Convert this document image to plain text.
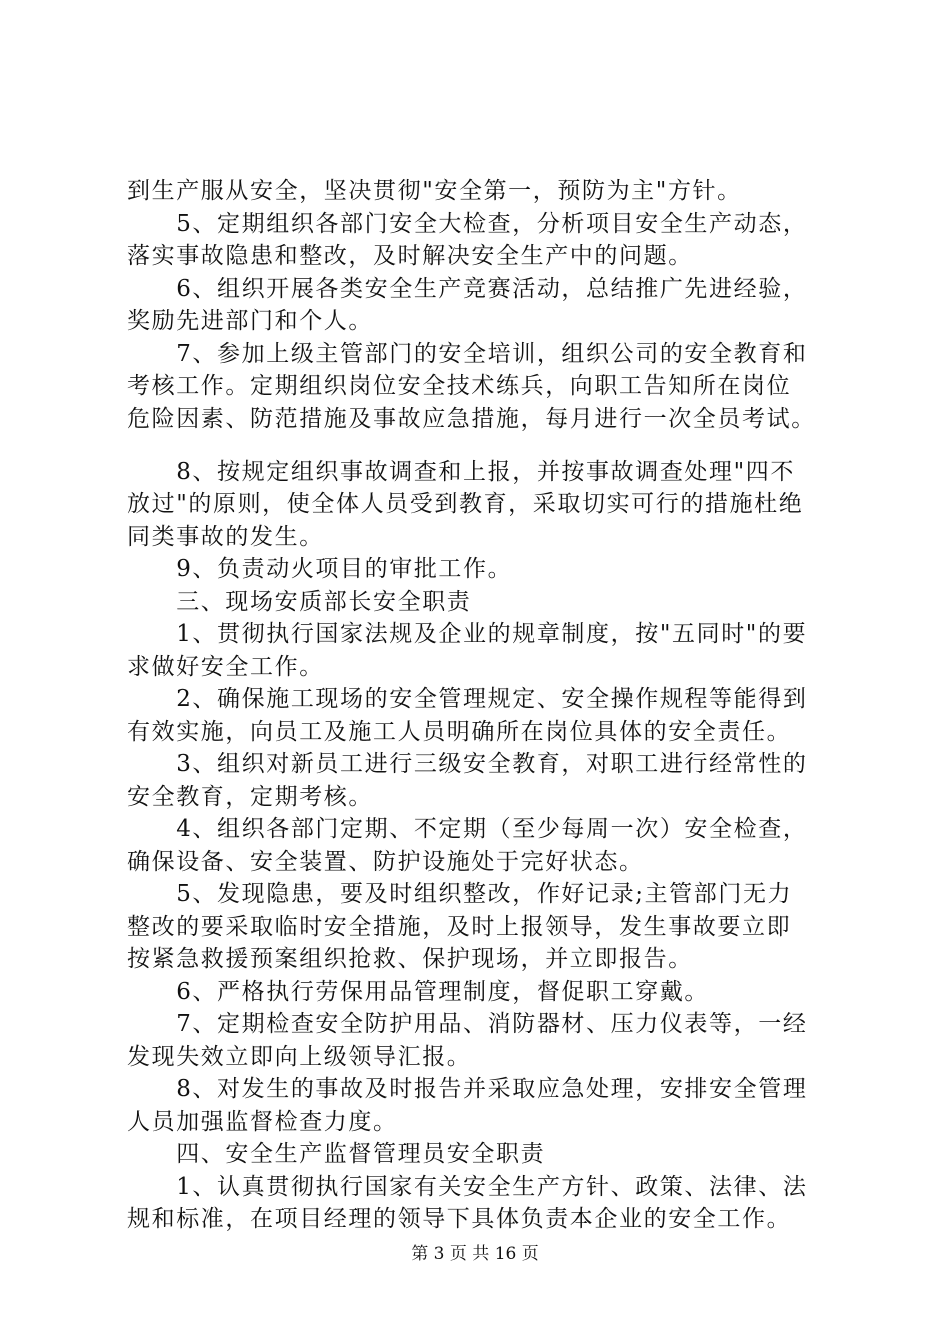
到生产服从安全，坚决贯彻"安全第一，预防为主"方针。
　　5、定期组织各部门安全大检查，分析项目安全生产动态，
落实事故隐患和整改，及时解决安全生产中的问题。
　　6、组织开展各类安全生产竞赛活动，总结推广先进经验，
奖励先进部门和个人。
　　7、参加上级主管部门的安全培训，组织公司的安全教育和
考核工作。定期组织岗位安全技术练兵，向职工告知所在岗位
危险因素、防范措施及事故应急措施，每月进行一次全员考试。
　　8、按规定组织事故调查和上报，并按事故调查处理"四不
放过"的原则，使全体人员受到教育，采取切实可行的措施杜绝
同类事故的发生。
　　9、负责动火项目的审批工作。
　　三、现场安质部长安全职责
　　1、贯彻执行国家法规及企业的规章制度，按"五同时"的要
求做好安全工作。
　　2、确保施工现场的安全管理规定、安全操作规程等能得到
有效实施，向员工及施工人员明确所在岗位具体的安全责任。
　　3、组织对新员工进行三级安全教育，对职工进行经常性的
安全教育，定期考核。
　　4、组织各部门定期、不定期（至少每周一次）安全检查，
确保设备、安全装置、防护设施处于完好状态。
　　5、发现隐患，要及时组织整改，作好记录;主管部门无力
整改的要采取临时安全措施，及时上报领导，发生事故要立即
按紧急救援预案组织抢救、保护现场，并立即报告。
　　6、严格执行劳保用品管理制度，督促职工穿戴。
　　7、定期检查安全防护用品、消防器材、压力仪表等，一经
发现失效立即向上级领导汇报。
　　8、对发生的事故及时报告并采取应急处理，安排安全管理
人员加强监督检查力度。
　　四、安全生产监督管理员安全职责
　　1、认真贯彻执行国家有关安全生产方针、政策、法律、法
规和标准，在项目经理的领导下具体负责本企业的安全工作。
第 3 页 共 16 页
